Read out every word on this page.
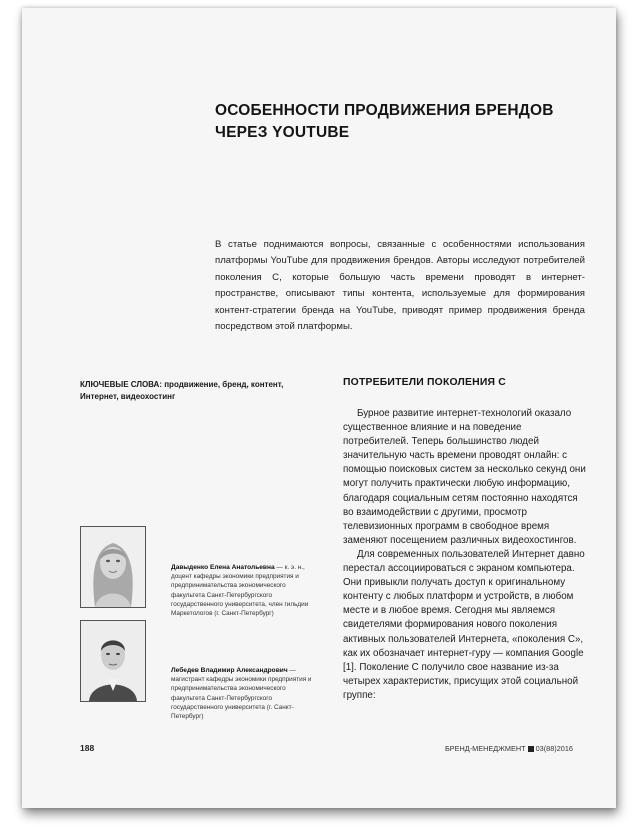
ОСОБЕННОСТИ ПРОДВИЖЕНИЯ БРЕНДОВ
ЧЕРЕЗ YOUTUBE
В статье поднимаются вопросы, связанные с особенностями использования платформы YouTube для продвижения брендов. Авторы исследуют потребителей поколения С, которые большую часть времени проводят в интернет-пространстве, описывают типы контента, используемые для формирования контент-стратегии бренда на YouTube, приводят пример продвижения бренда посредством этой платформы.
КЛЮЧЕВЫЕ СЛОВА: продвижение, бренд, контент, Интернет, видеохостинг
ПОТРЕБИТЕЛИ ПОКОЛЕНИЯ С

Бурное развитие интернет-технологий оказало существенное влияние и на поведение потребителей. Теперь большинство людей значительную часть времени проводят онлайн: с помощью поисковых систем за несколько секунд они могут получить практически любую информацию, благодаря социальным сетям постоянно находятся во взаимодействии с другими, просмотр телевизионных программ в свободное время заменяют посещением различных видеохостингов.

Для современных пользователей Интернет давно перестал ассоциироваться с экраном компьютера. Они привыкли получать доступ к оригинальному контенту с любых платформ и устройств, в любом месте и в любое время. Сегодня мы являемся свидетелями формирования нового поколения активных пользователей Интернета, «поколения С», как их обозначает интернет-гуру — компания Google [1]. Поколение С получило свое название из-за четырех характеристик, присущих этой социальной группе:

Давыденко Елена Анатольевна — к. э. н., доцент кафедры экономики предприятия и предпринимательства экономического факультета Санкт-Петербургского государственного университета, член гильдии Маркетологов (г. Санкт-Петербург)
Лебедев Владимир Александрович — магистрант кафедры экономики предприятия и предпринимательства экономического факультета Санкт-Петербургского государственного университета (г. Санкт-Петербург)
188	БРЕНД-МЕНЕДЖМЕНТ 03(88)2016
